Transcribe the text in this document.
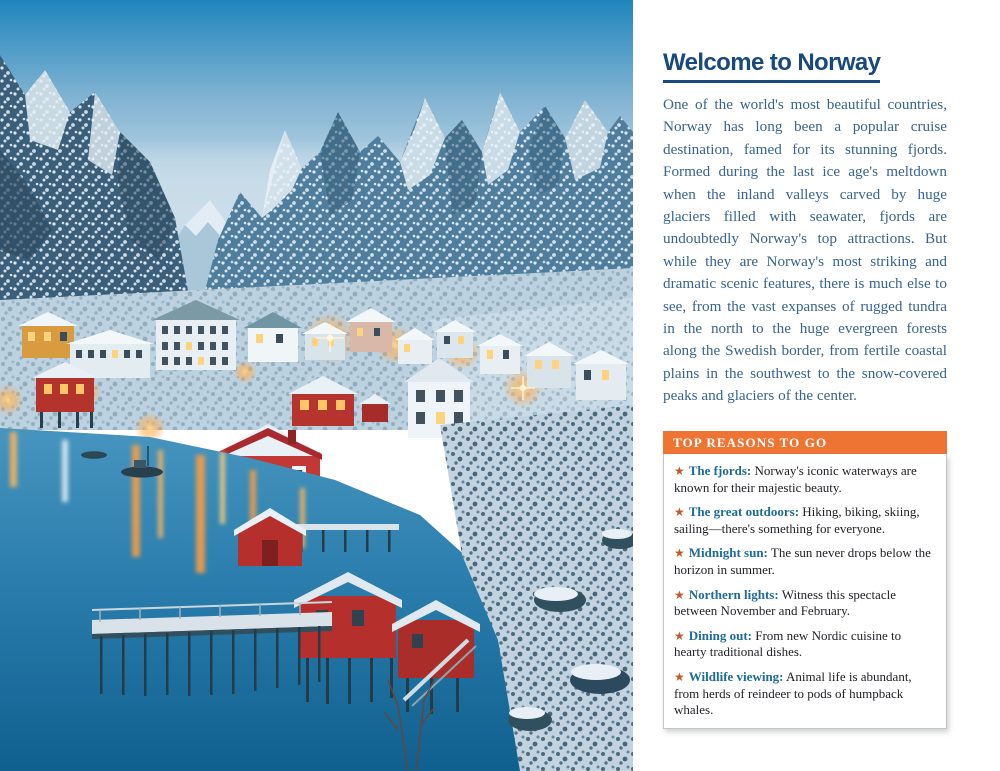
Welcome to Norway

One of the world's most beautiful countries, Norway has long been a popular cruise destination, famed for its stunning fjords. Formed during the last ice age's meltdown when the inland valleys carved by huge glaciers filled with seawater, fjords are undoubtedly Norway's top attractions. But while they are Norway's most striking and dramatic scenic features, there is much else to see, from the vast expanses of rugged tundra in the north to the huge evergreen forests along the Swedish border, from fertile coastal plains in the southwest to the snow-covered peaks and glaciers of the center.

TOP REASONS TO GO

★ The fjords: Norway's iconic waterways are known for their majestic beauty.

★ The great outdoors: Hiking, biking, skiing, sailing—there's something for everyone.

★ Midnight sun: The sun never drops below the horizon in summer.

★ Northern lights: Witness this spectacle between November and February.

★ Dining out: From new Nordic cuisine to hearty traditional dishes.

★ Wildlife viewing: Animal life is abundant, from herds of reindeer to pods of humpback whales.
